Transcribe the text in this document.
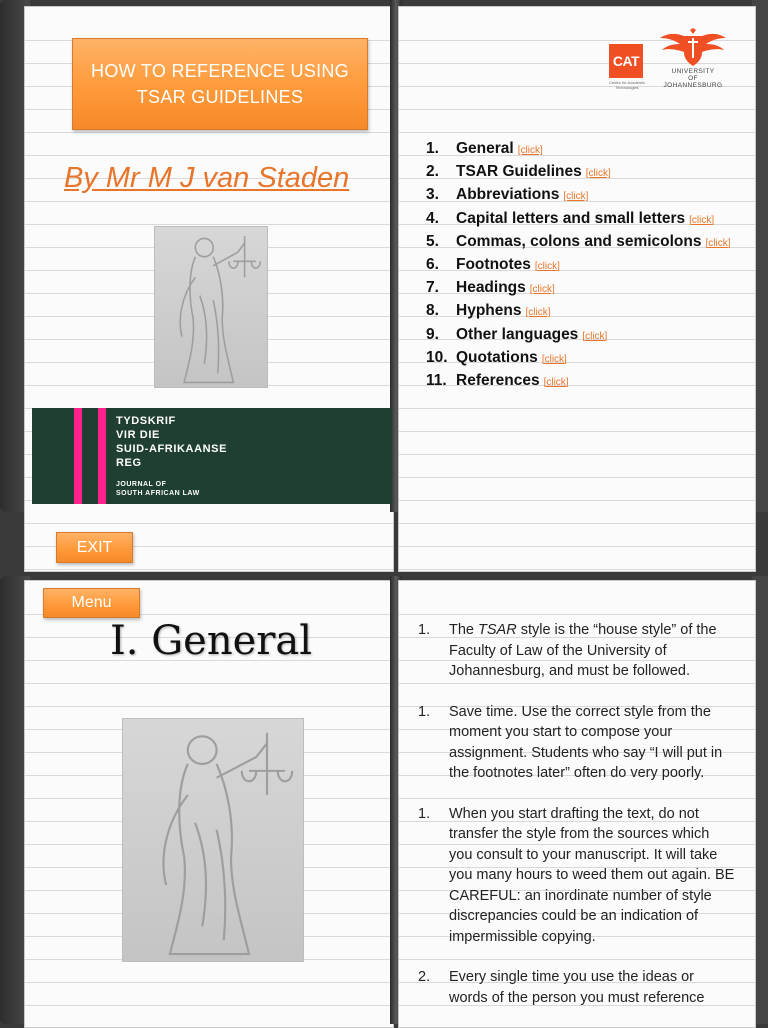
HOW TO REFERENCE USING
TSAR GUIDELINES
By Mr M J van Staden
TYDSKRIF
VIR DIE
SUID-AFRIKAANSE
REG
JOURNAL OF
SOUTH AFRICAN LAW
EXIT
CAT
Centre for Academic Technologies
UNIVERSITY
OF
JOHANNESBURG
1.	General [click]
2.	TSAR Guidelines [click]
3.	Abbreviations [click]
4.	Capital letters and small letters [click]
5.	Commas, colons and semicolons [click]
6.	Footnotes [click]
7.	Headings [click]
8.	Hyphens [click]
9.	Other languages [click]
10. Quotations [click]
11. References [click]
Menu
I. General	1.	The TSAR style is the “house style” of the Faculty of Law of the University of Johannesburg, and must be followed.
1.	Save time. Use the correct style from the moment you start to compose your assignment. Students who say “I will put in the footnotes later” often do very poorly.
1.	When you start drafting the text, do not transfer the style from the sources which you consult to your manuscript. It will take you many hours to weed them out again. BE CAREFUL: an inordinate number of style discrepancies could be an indication of impermissible copying.
2.	Every single time you use the ideas or words of the person you must reference
